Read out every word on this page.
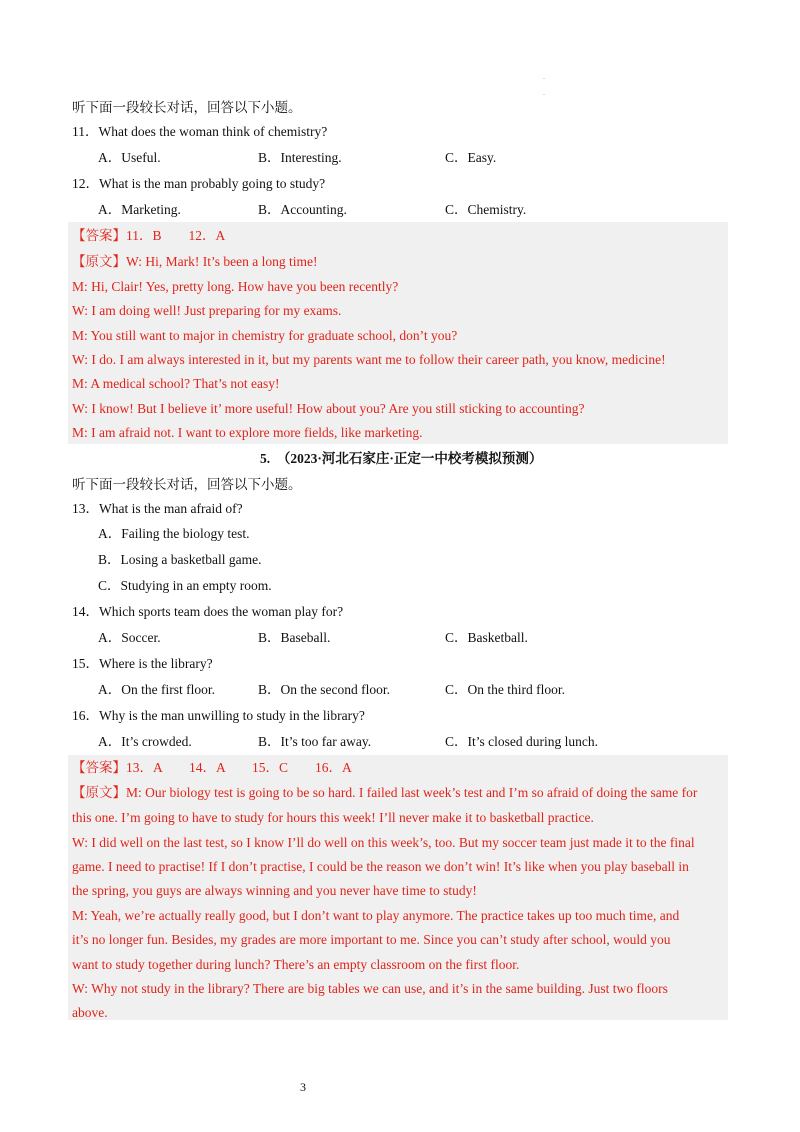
.
.
听下面一段较长对话，回答以下小题。
11．What does the woman think of chemistry?
A．Useful.	B．Interesting.	C．Easy.
12．What is the man probably going to study?
A．Marketing.	B．Accounting.	C．Chemistry.
【答案】11．B　　12．A
【原文】W: Hi, Mark! It’s been a long time!
M: Hi, Clair! Yes, pretty long. How have you been recently?
W: I am doing well! Just preparing for my exams.
M: You still want to major in chemistry for graduate school, don’t you?
W: I do. I am always interested in it, but my parents want me to follow their career path, you know, medicine!
M: A medical school? That’s not easy!
W: I know! But I believe it’ more useful! How about you? Are you still sticking to accounting?
M: I am afraid not. I want to explore more fields, like marketing.
5.　（2023·河北石家庄·正定一中校考模拟预测）
听下面一段较长对话，回答以下小题。
13．What is the man afraid of?
A．Failing the biology test.
B．Losing a basketball game.
C．Studying in an empty room.
14．Which sports team does the woman play for?
A．Soccer.	B．Baseball.	C．Basketball.
15．Where is the library?
A．On the first floor.	B．On the second floor.	C．On the third floor.
16．Why is the man unwilling to study in the library?
A．It’s crowded.	B．It’s too far away.	C．It’s closed during lunch.
【答案】13．A　　14．A　　15．C　　16．A
【原文】M: Our biology test is going to be so hard. I failed last week’s test and I’m so afraid of doing the same for
this one. I’m going to have to study for hours this week! I’ll never make it to basketball practice.
W: I did well on the last test, so I know I’ll do well on this week’s, too. But my soccer team just made it to the final
game. I need to practise! If I don’t practise, I could be the reason we don’t win! It’s like when you play baseball in
the spring, you guys are always winning and you never have time to study!
M: Yeah, we’re actually really good, but I don’t want to play anymore. The practice takes up too much time, and
it’s no longer fun. Besides, my grades are more important to me. Since you can’t study after school, would you
want to study together during lunch? There’s an empty classroom on the first floor.
W: Why not study in the library? There are big tables we can use, and it’s in the same building. Just two floors
above.
3
